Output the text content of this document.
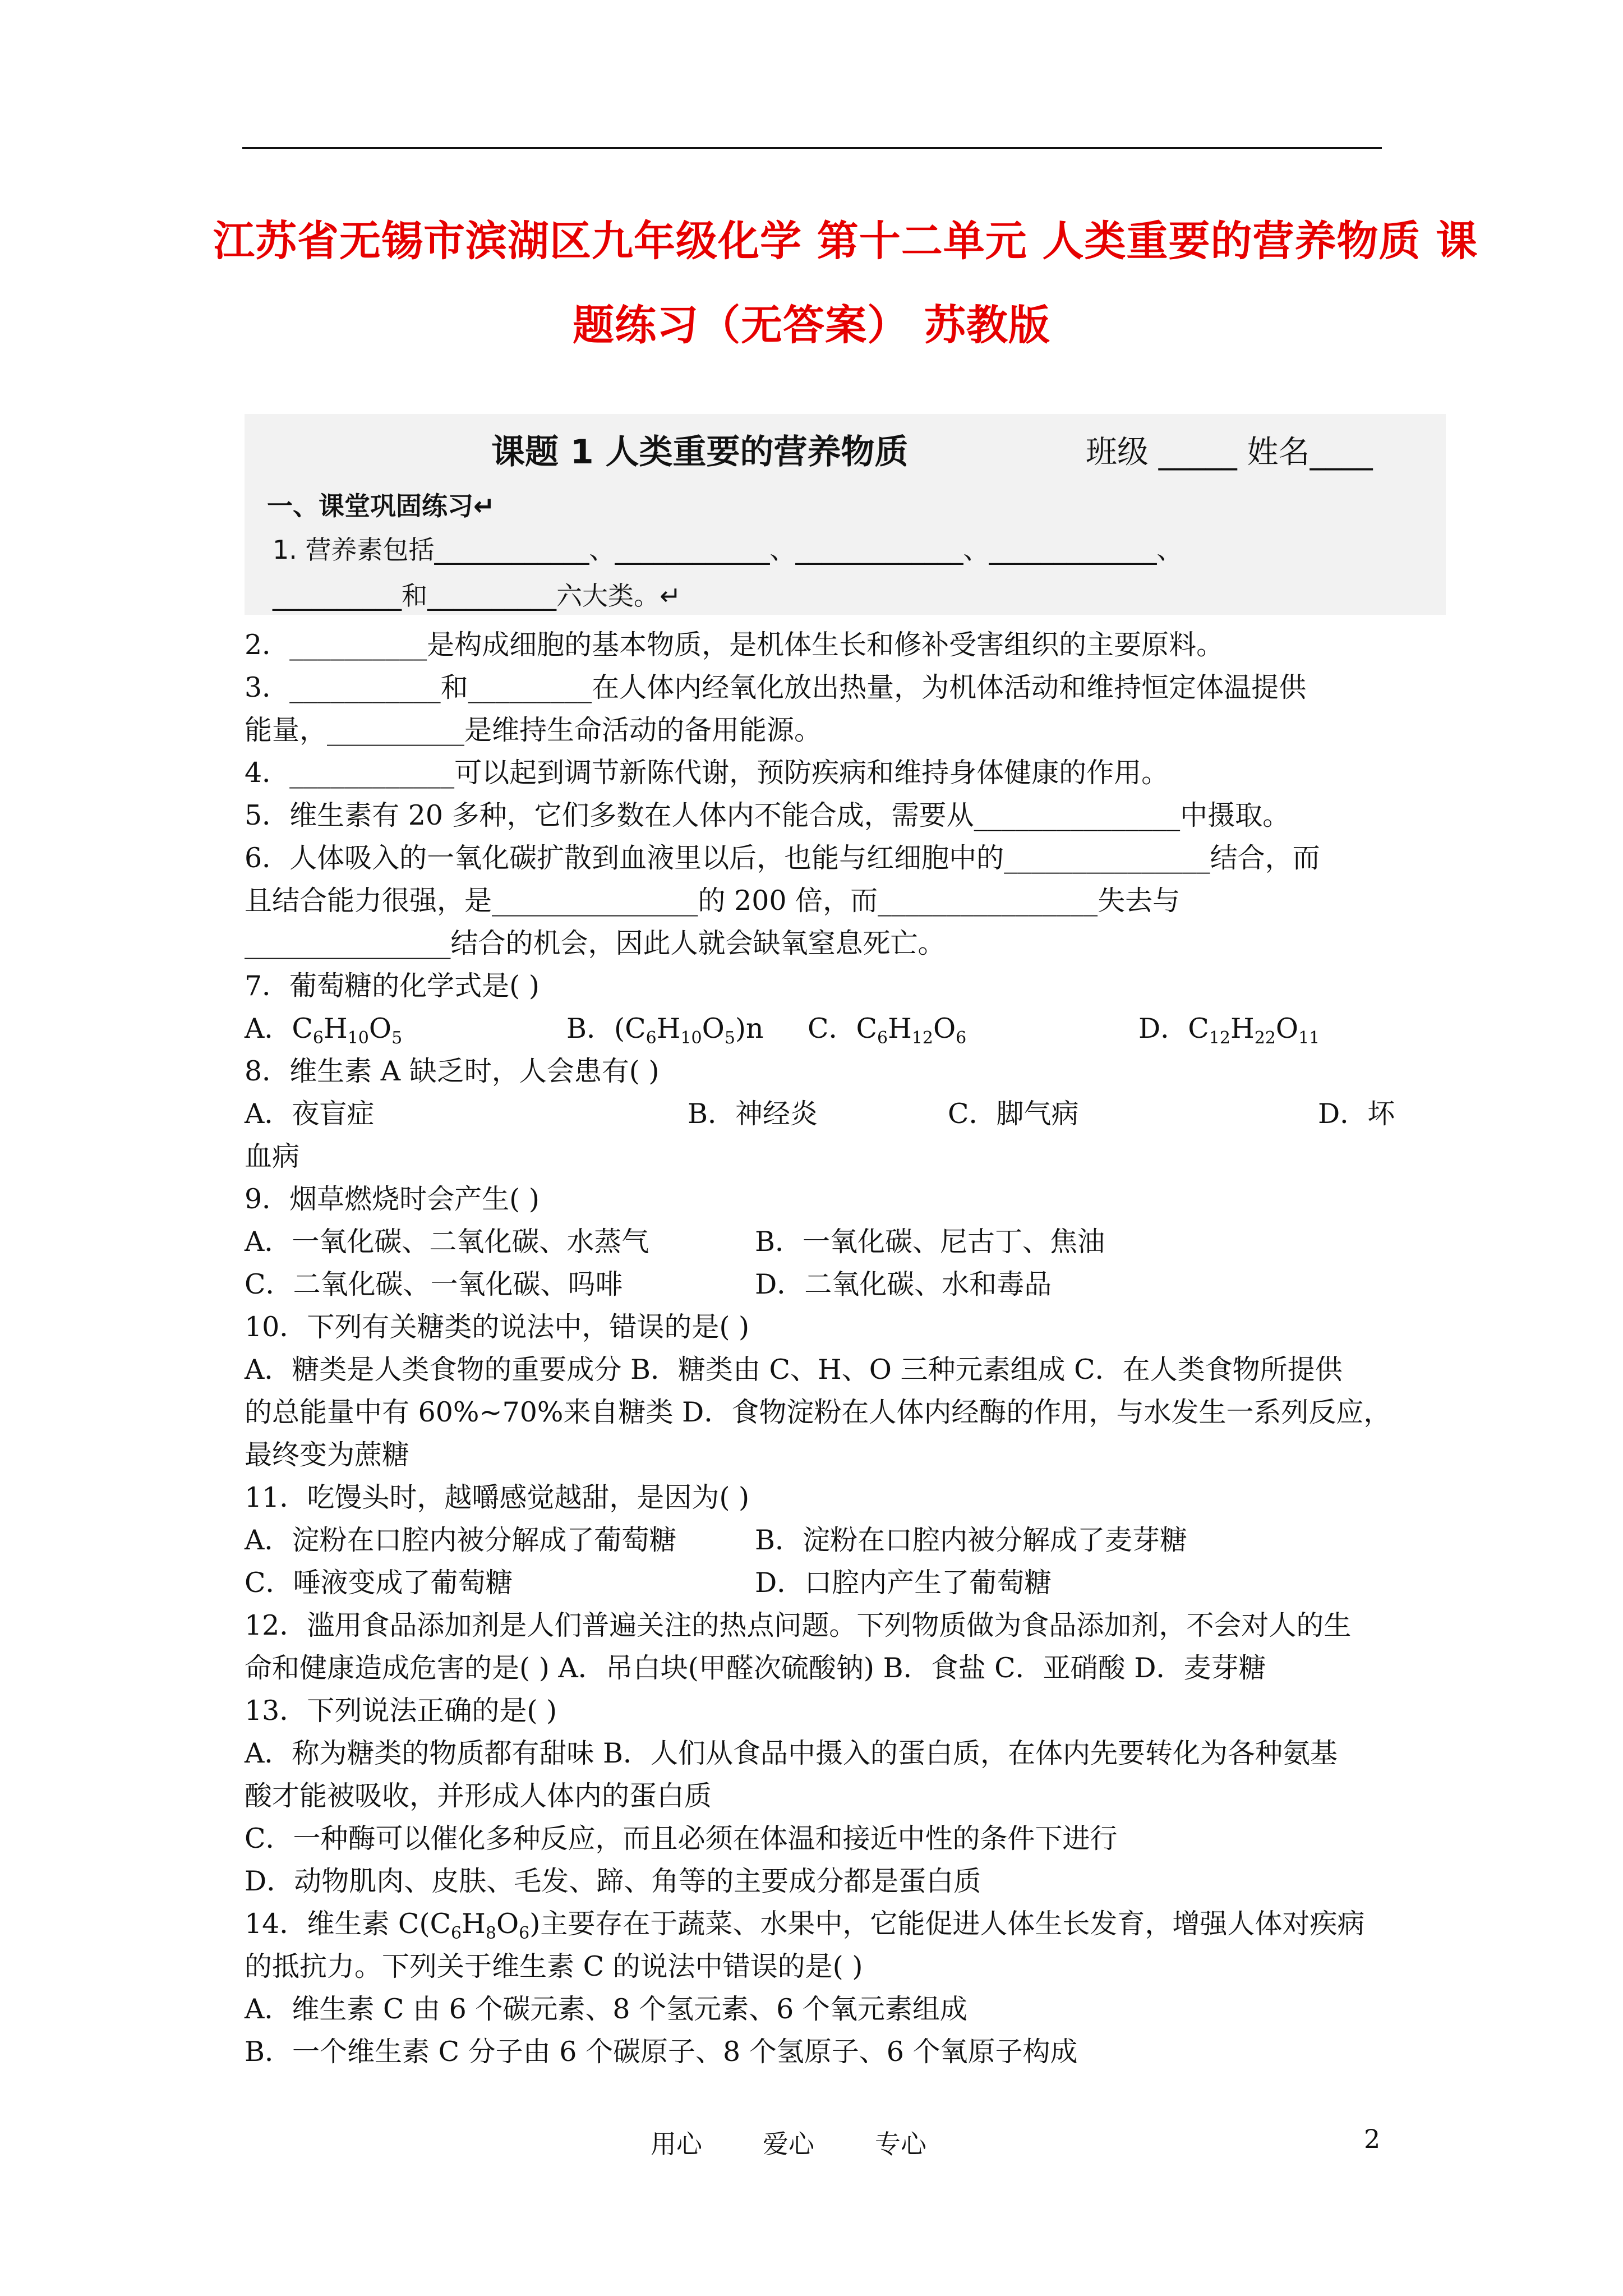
江苏省无锡市滨湖区九年级化学 第十二单元 人类重要的营养物质 课
题练习（无答案） 苏教版
课题 1 人类重要的营养物质	班级 _____ 姓名____
一、课堂巩固练习↵
1. 营养素包括____________、____________、_____________、_____________、
__________和__________六大类。↵
2．__________是构成细胞的基本物质，是机体生长和修补受害组织的主要原料。
3．___________和_________在人体内经氧化放出热量，为机体活动和维持恒定体温提供
能量，__________是维持生命活动的备用能源。
4．____________可以起到调节新陈代谢，预防疾病和维持身体健康的作用。
5．维生素有 20 多种，它们多数在人体内不能合成，需要从_______________中摄取。
6．人体吸入的一氧化碳扩散到血液里以后，也能与红细胞中的_______________结合，而
且结合能力很强，是_______________的 200 倍，而________________失去与
_______________结合的机会，因此人就会缺氧窒息死亡。
7．葡萄糖的化学式是( )
A．$C_6H_{10}O_5$	B．$(C_6H_{10}O_5)n$ C．$C_6H_{12}O_6$	D．$C_{12}H_{22}O_{11}$
8．维生素 A 缺乏时，人会患有( )
A．夜盲症	B．神经炎	C．脚气病	D．坏
血病
9．烟草燃烧时会产生( )
A．一氧化碳、二氧化碳、水蒸气	B．一氧化碳、尼古丁、焦油
C．二氧化碳、一氧化碳、吗啡	D．二氧化碳、水和毒品
10．下列有关糖类的说法中，错误的是( )
A．糖类是人类食物的重要成分 B．糖类由 C、H、O 三种元素组成 C．在人类食物所提供
的总能量中有 60%~70%来自糖类 D．食物淀粉在人体内经酶的作用，与水发生一系列反应，
最终变为蔗糖
11．吃馒头时，越嚼感觉越甜，是因为( )
A．淀粉在口腔内被分解成了葡萄糖	B．淀粉在口腔内被分解成了麦芽糖
C．唾液变成了葡萄糖	D．口腔内产生了葡萄糖
12．滥用食品添加剂是人们普遍关注的热点问题。下列物质做为食品添加剂，不会对人的生
命和健康造成危害的是( ) A．吊白块(甲醛次硫酸钠) B．食盐 C．亚硝酸 D．麦芽糖
13．下列说法正确的是( )
A．称为糖类的物质都有甜味 B．人们从食品中摄入的蛋白质，在体内先要转化为各种氨基
酸才能被吸收，并形成人体内的蛋白质
C．一种酶可以催化多种反应，而且必须在体温和接近中性的条件下进行
D．动物肌肉、皮肤、毛发、蹄、角等的主要成分都是蛋白质
14．维生素 $C(C_6H_8O_6)$主要存在于蔬菜、水果中，它能促进人体生长发育，增强人体对疾病
的抵抗力。下列关于维生素 C 的说法中错误的是( )
A．维生素 C 由 6 个碳元素、8 个氢元素、6 个氧元素组成
B．一个维生素 C 分子由 6 个碳原子、8 个氢原子、6 个氧原子构成
用心 爱心 专心	2
